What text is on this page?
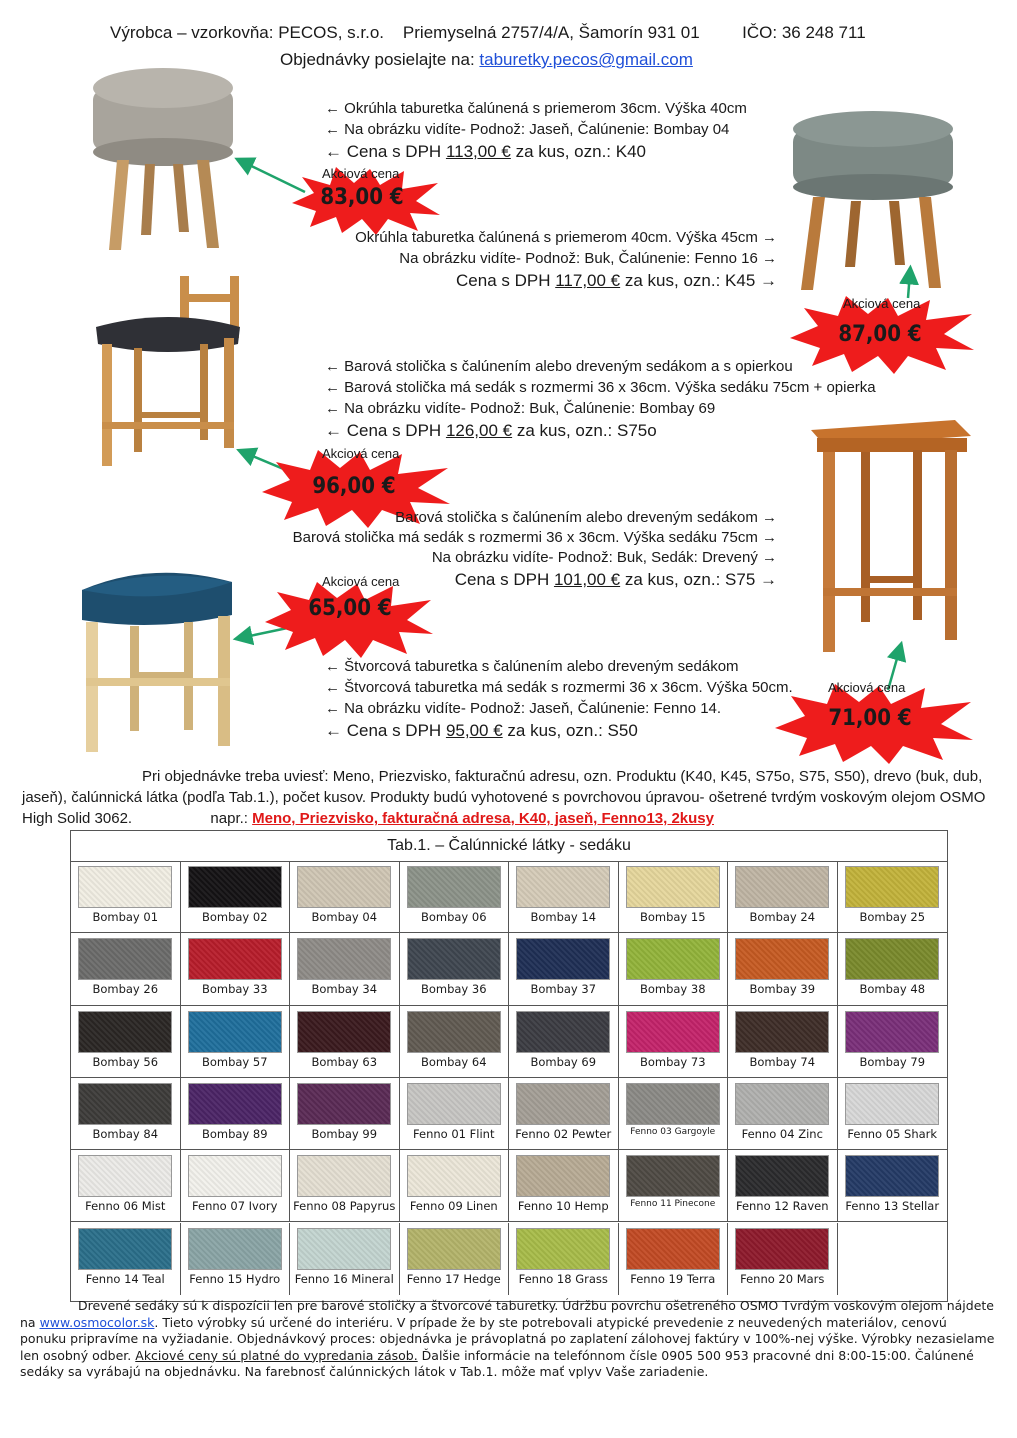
Výrobca – vzorkovňa: PECOS, s.r.o. Priemyselná 2757/4/A, Šamorín 931 01	IČO: 36 248 711
Objednávky posielajte na: taburetky.pecos@gmail.com
Akciová cena
83,00 €
Akciová cena
87,00 €
Akciová cena
96,00 €
Akciová cena
65,00 €
Akciová cena
71,00 €
← Okrúhla taburetka čalúnená s priemerom 36cm. Výška 40cm
← Na obrázku vidíte- Podnož: Jaseň, Čalúnenie: Bombay 04
← Cena s DPH 113,00 € za kus, ozn.: K40
Okrúhla taburetka čalúnená s priemerom 40cm. Výška 45cm →
Na obrázku vidíte- Podnož: Buk, Čalúnenie: Fenno 16 →
Cena s DPH 117,00 € za kus, ozn.: K45 →
← Barová stolička s čalúnením alebo dreveným sedákom a s opierkou
← Barová stolička má sedák s rozmermi 36 x 36cm. Výška sedáku 75cm + opierka
← Na obrázku vidíte- Podnož: Buk, Čalúnenie: Bombay 69
← Cena s DPH 126,00 € za kus, ozn.: S75o
Barová stolička s čalúnením alebo dreveným sedákom →
Barová stolička má sedák s rozmermi 36 x 36cm. Výška sedáku 75cm →
Na obrázku vidíte- Podnož: Buk, Sedák: Drevený →
Cena s DPH 101,00 € za kus, ozn.: S75 →
← Štvorcová taburetka s čalúnením alebo dreveným sedákom
← Štvorcová taburetka má sedák s rozmermi 36 x 36cm. Výška 50cm.
← Na obrázku vidíte- Podnož: Jaseň, Čalúnenie: Fenno 14.
← Cena s DPH 95,00 € za kus, ozn.: S50
Pri objednávke treba uviesť: Meno, Priezvisko, fakturačnú adresu, ozn. Produktu (K40, K45, S75o, S75, S50), drevo (buk, dub, jaseň), čalúnnická látka (podľa Tab.1.), počet kusov. Produkty budú vyhotovené s povrchovou úpravou- ošetrené tvrdým voskovým olejom OSMO High Solid 3062.	napr.: Meno, Priezvisko, fakturačná adresa, K40, jaseň, Fenno13, 2kusy
Tab.1. – Čalúnnické látky - sedáku
Bombay 01	Bombay 02	Bombay 04	Bombay 06	Bombay 14	Bombay 15	Bombay 24	Bombay 25
Bombay 26	Bombay 33	Bombay 34	Bombay 36	Bombay 37	Bombay 38	Bombay 39	Bombay 48
Bombay 56	Bombay 57	Bombay 63	Bombay 64	Bombay 69	Bombay 73	Bombay 74	Bombay 79
Bombay 84	Bombay 89	Bombay 99	Fenno 01 Flint	Fenno 02 Pewter	Fenno 03 Gargoyle	Fenno 04 Zinc	Fenno 05 Shark
Fenno 06 Mist	Fenno 07 Ivory	Fenno 08 Papyrus	Fenno 09 Linen	Fenno 10 Hemp	Fenno 11 Pinecone	Fenno 12 Raven	Fenno 13 Stellar
Fenno 14 Teal	Fenno 15 Hydro	Fenno 16 Mineral	Fenno 17 Hedge	Fenno 18 Grass	Fenno 19 Terra	Fenno 20 Mars
Drevené sedáky sú k dispozícii len pre barové stoličky a štvorcové taburetky. Údržbu povrchu ošetreného OSMO Tvrdým voskovým olejom nájdete na www.osmocolor.sk. Tieto výrobky sú určené do interiéru. V prípade že by ste potrebovali atypické prevedenie z neuvedených materiálov, cenovú ponuku pripravíme na vyžiadanie. Objednávkový proces: objednávka je právoplatná po zaplatení zálohovej faktúry v 100%-nej výške. Výrobky nezasielame len osobný odber. Akciové ceny sú platné do vypredania zásob. Ďalšie informácie na telefónnom čísle 0905 500 953 pracovné dni 8:00-15:00. Čalúnené sedáky sa vyrábajú na objednávku. Na farebnosť čalúnnických látok v Tab.1. môže mať vplyv Vaše zariadenie.
